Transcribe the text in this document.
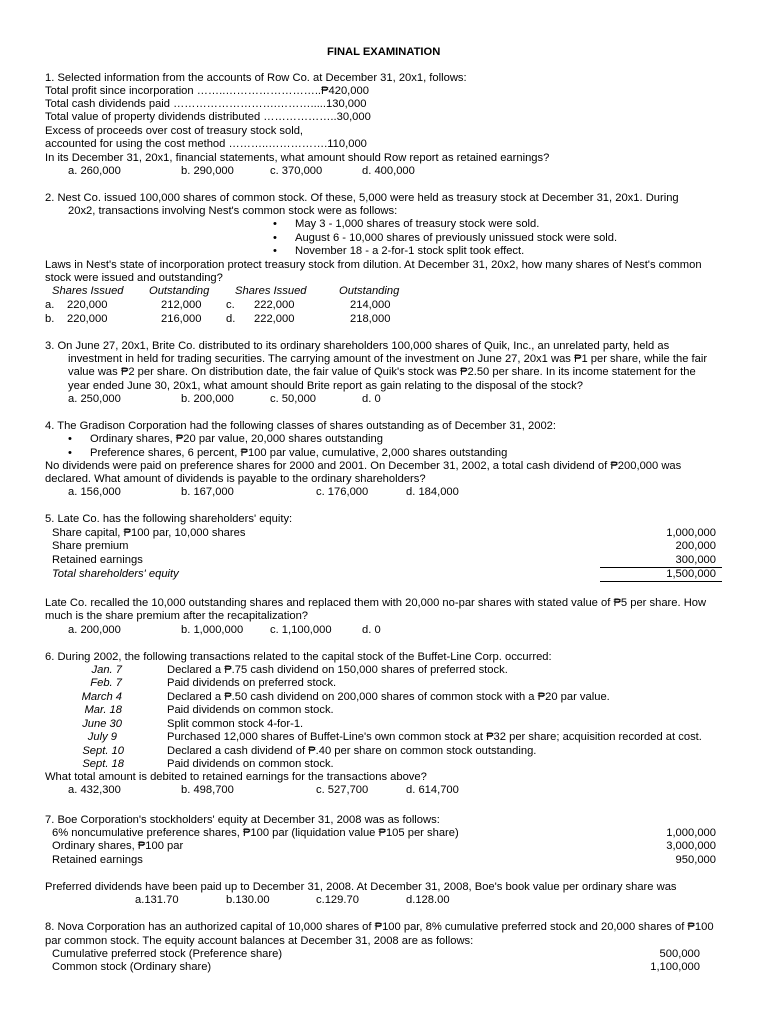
FINAL EXAMINATION
1. Selected information from the accounts of Row Co. at December 31, 20x1, follows:
Total profit since incorporation ……..……………………..₱420,000
Total cash dividends paid ……………………….……….....130,000
Total value of property dividends distributed ………………..30,000
Excess of proceeds over cost of treasury stock sold,
accounted for using the cost method ………..…………….110,000
In its December 31, 20x1, financial statements, what amount should Row report as retained earnings?
a. 260,000	b. 290,000	c. 370,000	d. 400,000
2. Nest Co. issued 100,000 shares of common stock. Of these, 5,000 were held as treasury stock at December 31, 20x1. During
20x2, transactions involving Nest's common stock were as follows:
• May 3 - 1,000 shares of treasury stock were sold.
• August 6 - 10,000 shares of previously unissued stock were sold.
• November 18 - a 2-for-1 stock split took effect.
Laws in Nest's state of incorporation protect treasury stock from dilution. At December 31, 20x2, how many shares of Nest's common
stock were issued and outstanding?
Shares Issued Outstanding Shares Issued	Outstanding
a. 220,000	212,000 c. 222,000	214,000
b. 220,000	216,000 d. 222,000	218,000
3. On June 27, 20x1, Brite Co. distributed to its ordinary shareholders 100,000 shares of Quik, Inc., an unrelated party, held as
investment in held for trading securities. The carrying amount of the investment on June 27, 20x1 was ₱1 per share, while the fair
value was ₱2 per share. On distribution date, the fair value of Quik's stock was ₱2.50 per share. In its income statement for the
year ended June 30, 20x1, what amount should Brite report as gain relating to the disposal of the stock?
a. 250,000	b. 200,000	c. 50,000	d. 0
4. The Gradison Corporation had the following classes of shares outstanding as of December 31, 2002:
• Ordinary shares, ₱20 par value, 20,000 shares outstanding
• Preference shares, 6 percent, ₱100 par value, cumulative, 2,000 shares outstanding
No dividends were paid on preference shares for 2000 and 2001. On December 31, 2002, a total cash dividend of ₱200,000 was
declared. What amount of dividends is payable to the ordinary shareholders?
a. 156,000	b. 167,000	c. 176,000	d. 184,000
5. Late Co. has the following shareholders' equity:
Share capital, ₱100 par, 10,000 shares	1,000,000
Share premium	200,000
Retained earnings	300,000
Total shareholders' equity	1,500,000
Late Co. recalled the 10,000 outstanding shares and replaced them with 20,000 no-par shares with stated value of ₱5 per share. How
much is the share premium after the recapitalization?
a. 200,000	b. 1,000,000 c. 1,100,000	d. 0
6. During 2002, the following transactions related to the capital stock of the Buffet-Line Corp. occurred:
Jan. 7	Declared a ₱.75 cash dividend on 150,000 shares of preferred stock.
Feb. 7	Paid dividends on preferred stock.
March 4	Declared a ₱.50 cash dividend on 200,000 shares of common stock with a ₱20 par value.
Mar. 18	Paid dividends on common stock.
June 30	Split common stock 4-for-1.
July 9	Purchased 12,000 shares of Buffet-Line's own common stock at ₱32 per share; acquisition recorded at cost.
Sept. 10	Declared a cash dividend of ₱.40 per share on common stock outstanding.
Sept. 18	Paid dividends on common stock.
What total amount is debited to retained earnings for the transactions above?
a. 432,300	b. 498,700	c. 527,700	d. 614,700
7. Boe Corporation's stockholders' equity at December 31, 2008 was as follows:
6% noncumulative preference shares, ₱100 par (liquidation value ₱105 per share)	1,000,000
Ordinary shares, ₱100 par	3,000,000
Retained earnings	950,000
Preferred dividends have been paid up to December 31, 2008. At December 31, 2008, Boe's book value per ordinary share was
a.131.70	b.130.00	c.129.70	d.128.00
8. Nova Corporation has an authorized capital of 10,000 shares of ₱100 par, 8% cumulative preferred stock and 20,000 shares of ₱100
par common stock. The equity account balances at December 31, 2008 are as follows:
Cumulative preferred stock (Preference share)	500,000
Common stock (Ordinary share)	1,100,000
